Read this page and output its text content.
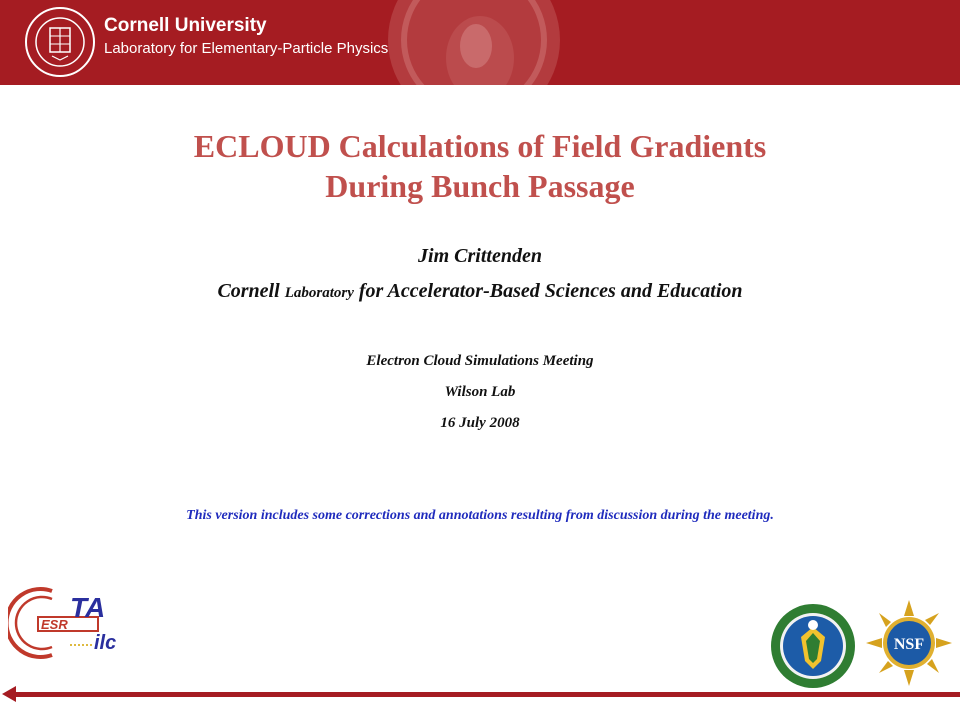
Cornell University
Laboratory for Elementary-Particle Physics
ECLOUD Calculations of Field Gradients
During Bunch Passage
Jim Crittenden
Cornell Laboratory for Accelerator-Based Sciences and Education
Electron Cloud Simulations Meeting
Wilson Lab
16 July 2008
This version includes some corrections and annotations resulting from discussion during the meeting.
ESR
TA
ilc	NSF
